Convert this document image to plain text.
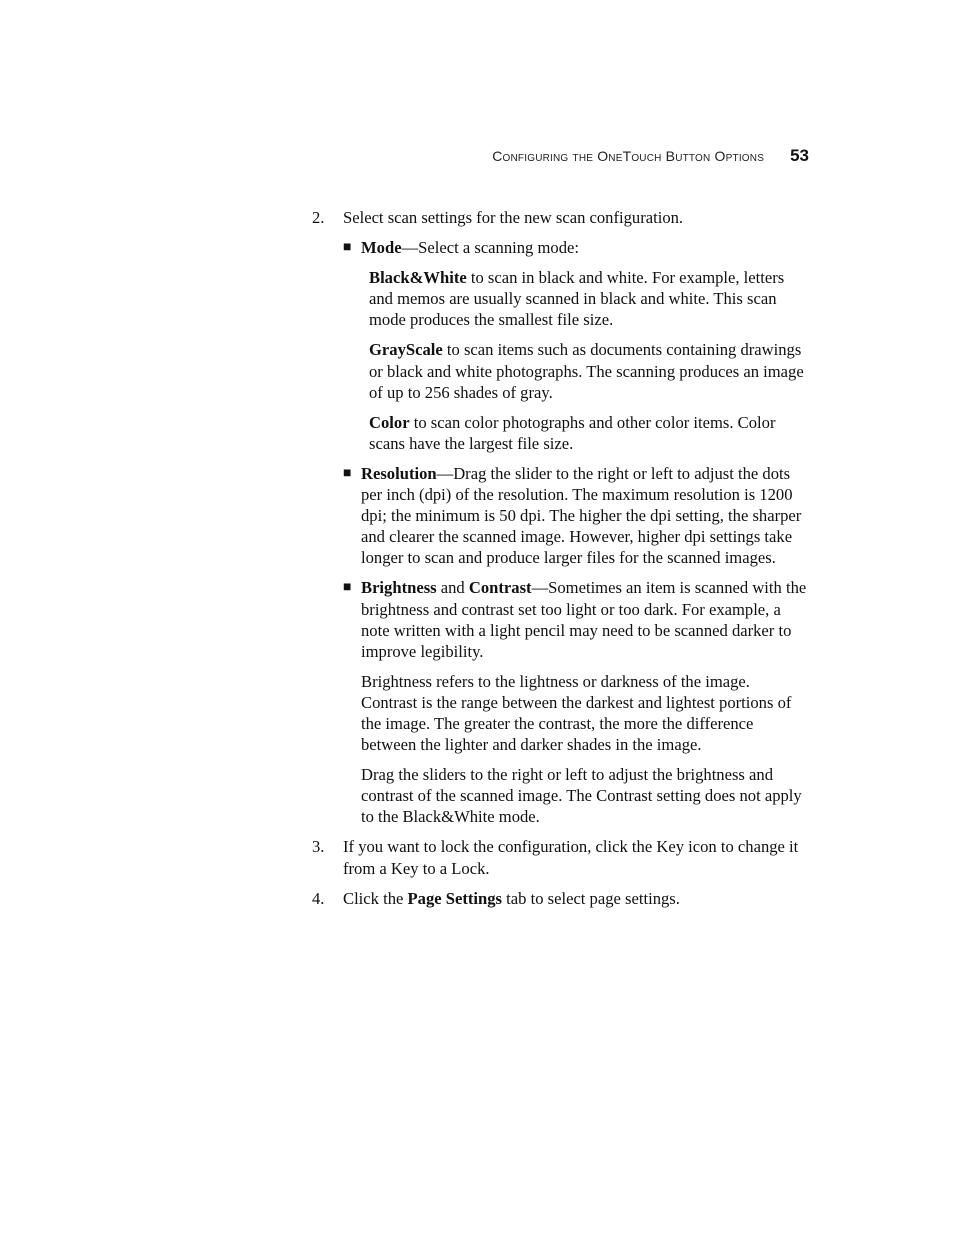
Configuring the OneTouch Button Options 53
2.	Select scan settings for the new scan configuration.

■ Mode—Select a scanning mode:

Black&White to scan in black and white. For example, letters and memos are usually scanned in black and white. This scan mode produces the smallest file size.

GrayScale to scan items such as documents containing drawings or black and white photographs. The scanning produces an image of up to 256 shades of gray.

Color to scan color photographs and other color items. Color scans have the largest file size.

■ Resolution—Drag the slider to the right or left to adjust the dots per inch (dpi) of the resolution. The maximum resolution is 1200 dpi; the minimum is 50 dpi. The higher the dpi setting, the sharper and clearer the scanned image. However, higher dpi settings take longer to scan and produce larger files for the scanned images.

■ Brightness and Contrast—Sometimes an item is scanned with the brightness and contrast set too light or too dark. For example, a note written with a light pencil may need to be scanned darker to improve legibility.

Brightness refers to the lightness or darkness of the image. Contrast is the range between the darkest and lightest portions of the image. The greater the contrast, the more the difference between the lighter and darker shades in the image.

Drag the sliders to the right or left to adjust the brightness and contrast of the scanned image. The Contrast setting does not apply to the Black&White mode.

3.	If you want to lock the configuration, click the Key icon to change it from a Key to a Lock.

4.	Click the Page Settings tab to select page settings.
